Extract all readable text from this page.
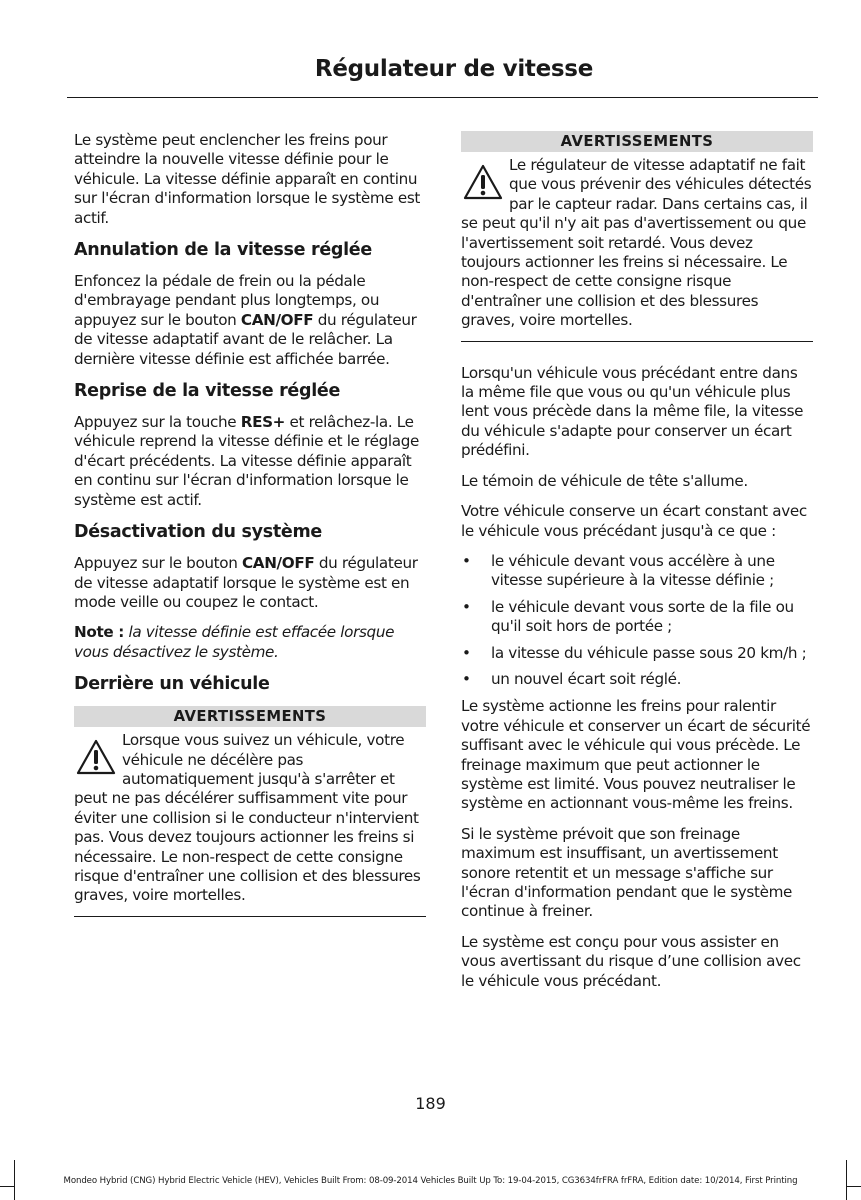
Régulateur de vitesse

Le système peut enclencher les freins pour atteindre la nouvelle vitesse définie pour le véhicule. La vitesse définie apparaît en continu sur l'écran d'information lorsque le système est actif.

Annulation de la vitesse réglée

Enfoncez la pédale de frein ou la pédale d'embrayage pendant plus longtemps, ou appuyez sur le bouton CAN/OFF du régulateur de vitesse adaptatif avant de le relâcher. La dernière vitesse définie est affichée barrée.

Reprise de la vitesse réglée

Appuyez sur la touche RES+ et relâchez-la. Le véhicule reprend la vitesse définie et le réglage d'écart précédents. La vitesse définie apparaît en continu sur l'écran d'information lorsque le système est actif.

Désactivation du système

Appuyez sur le bouton CAN/OFF du régulateur de vitesse adaptatif lorsque le système est en mode veille ou coupez le contact.

Note : la vitesse définie est effacée lorsque vous désactivez le système.

Derrière un véhicule
AVERTISSEMENTS
Lorsque vous suivez un véhicule, votre véhicule ne décélère pas automatiquement jusqu'à s'arrêter et peut ne pas décélérer suffisamment vite pour éviter une collision si le conducteur n'intervient pas. Vous devez toujours actionner les freins si nécessaire. Le non-respect de cette consigne risque d'entraîner une collision et des blessures graves, voire mortelles.
AVERTISSEMENTS
Le régulateur de vitesse adaptatif ne fait que vous prévenir des véhicules détectés par le capteur radar. Dans certains cas, il se peut qu'il n'y ait pas d'avertissement ou que l'avertissement soit retardé. Vous devez toujours actionner les freins si nécessaire. Le non-respect de cette consigne risque d'entraîner une collision et des blessures graves, voire mortelles.

Lorsqu'un véhicule vous précédant entre dans la même file que vous ou qu'un véhicule plus lent vous précède dans la même file, la vitesse du véhicule s'adapte pour conserver un écart prédéfini.

Le témoin de véhicule de tête s'allume.

Votre véhicule conserve un écart constant avec le véhicule vous précédant jusqu'à ce que :

• le véhicule devant vous accélère à une vitesse supérieure à la vitesse définie ;
• le véhicule devant vous sorte de la file ou qu'il soit hors de portée ;
• la vitesse du véhicule passe sous 20 km/h ;
• un nouvel écart soit réglé.

Le système actionne les freins pour ralentir votre véhicule et conserver un écart de sécurité suffisant avec le véhicule qui vous précède. Le freinage maximum que peut actionner le système est limité. Vous pouvez neutraliser le système en actionnant vous-même les freins.

Si le système prévoit que son freinage maximum est insuffisant, un avertissement sonore retentit et un message s'affiche sur l'écran d'information pendant que le système continue à freiner.

Le système est conçu pour vous assister en vous avertissant du risque d’une collision avec le véhicule vous précédant.

189
Mondeo Hybrid (CNG) Hybrid Electric Vehicle (HEV), Vehicles Built From: 08-09-2014 Vehicles Built Up To: 19-04-2015, CG3634frFRA frFRA, Edition date: 10/2014, First Printing
